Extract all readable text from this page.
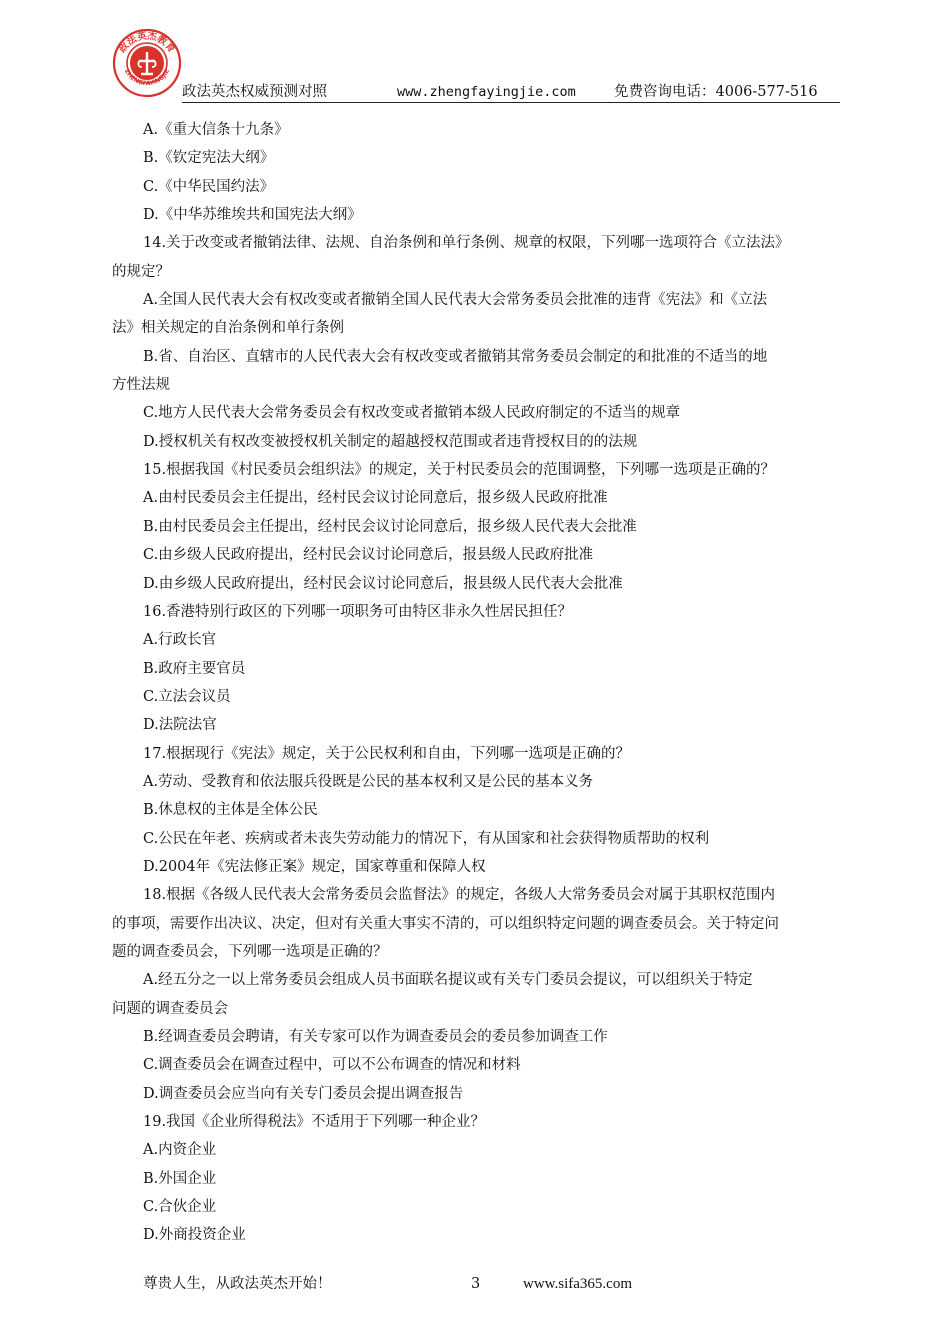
政法英杰教育
ZHENGFAYINGJIE
政法英杰权威预测对照	www.zhengfayingjie.com	免费咨询电话：4006-577-516
A.《重大信条十九条》
B.《钦定宪法大纲》
C.《中华民国约法》
D.《中华苏维埃共和国宪法大纲》
14.关于改变或者撤销法律、法规、自治条例和单行条例、规章的权限，下列哪一选项符合《立法法》
的规定？
A.全国人民代表大会有权改变或者撤销全国人民代表大会常务委员会批准的违背《宪法》和《立法
法》相关规定的自治条例和单行条例
B.省、自治区、直辖市的人民代表大会有权改变或者撤销其常务委员会制定的和批准的不适当的地
方性法规
C.地方人民代表大会常务委员会有权改变或者撤销本级人民政府制定的不适当的规章
D.授权机关有权改变被授权机关制定的超越授权范围或者违背授权目的的法规
15.根据我国《村民委员会组织法》的规定，关于村民委员会的范围调整，下列哪一选项是正确的？
A.由村民委员会主任提出，经村民会议讨论同意后，报乡级人民政府批准
B.由村民委员会主任提出，经村民会议讨论同意后，报乡级人民代表大会批准
C.由乡级人民政府提出，经村民会议讨论同意后，报县级人民政府批准
D.由乡级人民政府提出，经村民会议讨论同意后，报县级人民代表大会批准
16.香港特别行政区的下列哪一项职务可由特区非永久性居民担任？
A.行政长官
B.政府主要官员
C.立法会议员
D.法院法官
17.根据现行《宪法》规定，关于公民权利和自由，下列哪一选项是正确的？
A.劳动、受教育和依法服兵役既是公民的基本权利又是公民的基本义务
B.休息权的主体是全体公民
C.公民在年老、疾病或者未丧失劳动能力的情况下，有从国家和社会获得物质帮助的权利
D.2004年《宪法修正案》规定，国家尊重和保障人权
18.根据《各级人民代表大会常务委员会监督法》的规定，各级人大常务委员会对属于其职权范围内
的事项，需要作出决议、决定，但对有关重大事实不清的，可以组织特定问题的调查委员会。关于特定问
题的调查委员会，下列哪一选项是正确的？
A.经五分之一以上常务委员会组成人员书面联名提议或有关专门委员会提议，可以组织关于特定
问题的调查委员会
B.经调查委员会聘请，有关专家可以作为调查委员会的委员参加调查工作
C.调查委员会在调查过程中，可以不公布调查的情况和材料
D.调查委员会应当向有关专门委员会提出调查报告
19.我国《企业所得税法》不适用于下列哪一种企业？
A.内资企业
B.外国企业
C.合伙企业
D.外商投资企业
尊贵人生，从政法英杰开始！	3	www.sifa365.com
